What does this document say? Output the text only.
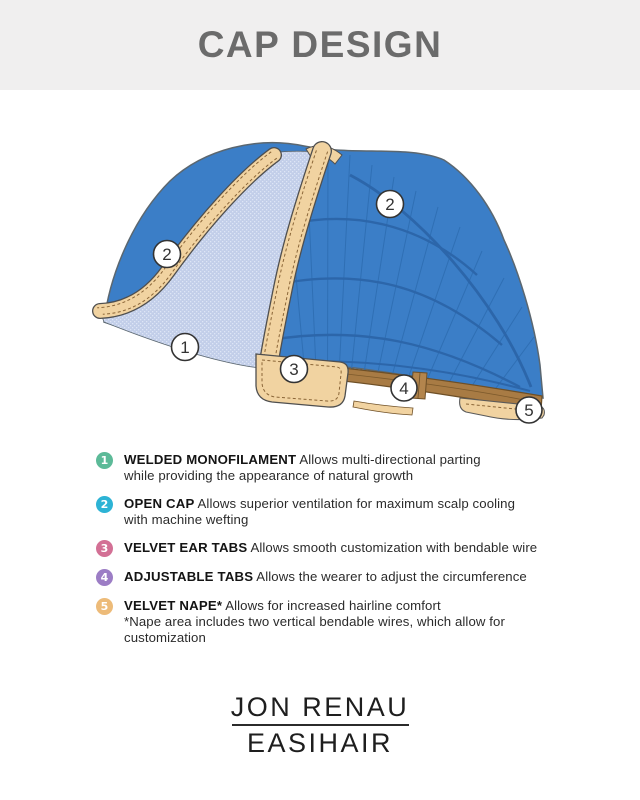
CAP DESIGN
1
2
2
3
4
5
1	WELDED MONOFILAMENT Allows multi-directional parting
while providing the appearance of natural growth

2	OPEN CAP Allows superior ventilation for maximum scalp cooling
with machine wefting

3	VELVET EAR TABS Allows smooth customization with bendable wire

4	ADJUSTABLE TABS Allows the wearer to adjust the circumference

5	VELVET NAPE* Allows for increased hairline comfort
*Nape area includes two vertical bendable wires, which allow for
customization

JON RENAU
EASIHAIR
